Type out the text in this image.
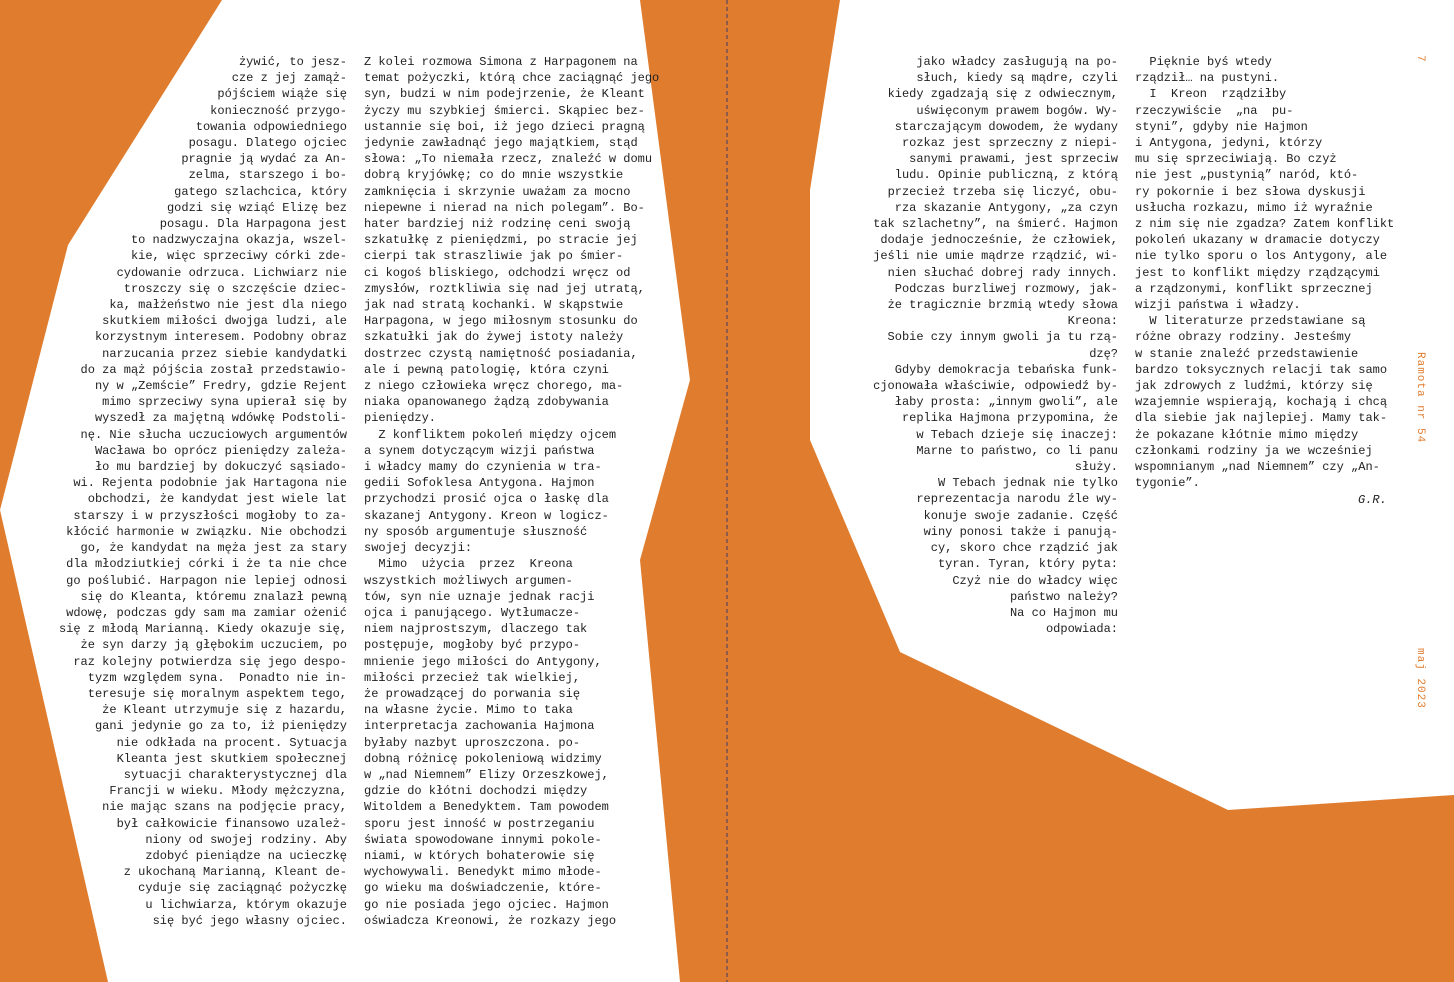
żywić, to jesz-
cze z jej zamąż-
pójściem wiąże się
konieczność przygo-
towania odpowiedniego
posagu. Dlatego ojciec
pragnie ją wydać za An-
zelma, starszego i bo-
gatego szlachcica, który
godzi się wziąć Elizę bez
posagu. Dla Harpagona jest
to nadzwyczajna okazja, wszel-
kie, więc sprzeciwy córki zde-
cydowanie odrzuca. Lichwiarz nie
troszczy się o szczęście dziec-
ka, małżeństwo nie jest dla niego
skutkiem miłości dwojga ludzi, ale
korzystnym interesem. Podobny obraz
narzucania przez siebie kandydatki
do za mąż pójścia został przedstawio-
ny w „Zemście” Fredry, gdzie Rejent
mimo sprzeciwy syna upierał się by
wyszedł za majętną wdówkę Podstoli-
nę. Nie słucha uczuciowych argumentów
Wacława bo oprócz pieniędzy zależa-
ło mu bardziej by dokuczyć sąsiado-
wi. Rejenta podobnie jak Hartagona nie
obchodzi, że kandydat jest wiele lat
starszy i w przyszłości mogłoby to za-
kłócić harmonie w związku. Nie obchodzi
go, że kandydat na męża jest za stary
dla młodziutkiej córki i że ta nie chce
go poślubić. Harpagon nie lepiej odnosi
się do Kleanta, któremu znalazł pewną
wdowę, podczas gdy sam ma zamiar ożenić
się z młodą Marianną. Kiedy okazuje się,
że syn darzy ją głębokim uczuciem, po
raz kolejny potwierdza się jego despo-
tyzm względem syna.  Ponadto nie in-
teresuje się moralnym aspektem tego,
że Kleant utrzymuje się z hazardu,
gani jedynie go za to, iż pieniędzy
nie odkłada na procent. Sytuacja
Kleanta jest skutkiem społecznej
sytuacji charakterystycznej dla
Francji w wieku. Młody mężczyzna,
nie mając szans na podjęcie pracy,
był całkowicie finansowo uzależ-
niony od swojej rodziny. Aby
zdobyć pieniądze na ucieczkę
z ukochaną Marianną, Kleant de-
cyduje się zaciągnąć pożyczkę
u lichwiarza, którym okazuje
się być jego własny ojciec.
Z kolei rozmowa Simona z Harpagonem na
temat pożyczki, którą chce zaciągnąć jego
syn, budzi w nim podejrzenie, że Kleant
życzy mu szybkiej śmierci. Skąpiec bez-
ustannie się boi, iż jego dzieci pragną
jedynie zawładnąć jego majątkiem, stąd
słowa: „To niemała rzecz, znaleźć w domu
dobrą kryjówkę; co do mnie wszystkie
zamknięcia i skrzynie uważam za mocno
niepewne i nierad na nich polegam”. Bo-
hater bardziej niż rodzinę ceni swoją
szkatułkę z pieniędzmi, po stracie jej
cierpi tak straszliwie jak po śmier-
ci kogoś bliskiego, odchodzi wręcz od
zmysłów, roztkliwia się nad jej utratą,
jak nad stratą kochanki. W skąpstwie
Harpagona, w jego miłosnym stosunku do
szkatułki jak do żywej istoty należy
dostrzec czystą namiętność posiadania,
ale i pewną patologię, która czyni
z niego człowieka wręcz chorego, ma-
niaka opanowanego żądzą zdobywania
pieniędzy.
Z konfliktem pokoleń między ojcem
a synem dotyczącym wizji państwa
i władcy mamy do czynienia w tra-
gedii Sofoklesa Antygona. Hajmon
przychodzi prosić ojca o łaskę dla
skazanej Antygony. Kreon w logicz-
ny sposób argumentuje słuszność
swojej decyzji:
Mimo  użycia  przez  Kreona
wszystkich możliwych argumen-
tów, syn nie uznaje jednak racji
ojca i panującego. Wytłumacze-
niem najprostszym, dlaczego tak
postępuje, mogłoby być przypo-
mnienie jego miłości do Antygony,
miłości przecież tak wielkiej,
że prowadzącej do porwania się
na własne życie. Mimo to taka
interpretacja zachowania Hajmona
byłaby nazbyt uproszczona. po-
dobną różnicę pokoleniową widzimy
w „nad Niemnem” Elizy Orzeszkowej,
gdzie do kłótni dochodzi między
Witoldem a Benedyktem. Tam powodem
sporu jest inność w postrzeganiu
świata spowodowane innymi pokole-
niami, w których bohaterowie się
wychowywali. Benedykt mimo młode-
go wieku ma doświadczenie, które-
go nie posiada jego ojciec. Hajmon
oświadcza Kreonowi, że rozkazy jego
6	jako władcy zasługują na po-
słuch, kiedy są mądre, czyli
kiedy zgadzają się z odwiecznym,
uświęconym prawem bogów. Wy-
starczającym dowodem, że wydany
rozkaz jest sprzeczny z niepi-
sanymi prawami, jest sprzeciw
ludu. Opinie publiczną, z którą
przecież trzeba się liczyć, obu-
rza skazanie Antygony, „za czyn
tak szlachetny”, na śmierć. Hajmon
dodaje jednocześnie, że człowiek,
jeśli nie umie mądrze rządzić, wi-
nien słuchać dobrej rady innych.
Podczas burzliwej rozmowy, jak-
że tragicznie brzmią wtedy słowa
Kreona:
Sobie czy innym gwoli ja tu rzą-
dzę?
Gdyby demokracja tebańska funk-
cjonowała właściwie, odpowiedź by-
łaby prosta: „innym gwoli”, ale
replika Hajmona przypomina, że
w Tebach dzieje się inaczej:
Marne to państwo, co li panu
służy.
W Tebach jednak nie tylko
reprezentacja narodu źle wy-
konuje swoje zadanie. Część
winy ponosi także i panują-
cy, skoro chce rządzić jak
tyran. Tyran, który pyta:
Czyż nie do władcy więc
państwo należy?
Na co Hajmon mu
odpowiada:
Pięknie byś wtedy
rządził… na pustyni.
I  Kreon  rządziłby
rzeczywiście  „na  pu-
styni”, gdyby nie Hajmon
i Antygona, jedyni, którzy
mu się sprzeciwiają. Bo czyż
nie jest „pustynią” naród, któ-
ry pokornie i bez słowa dyskusji
usłucha rozkazu, mimo iż wyraźnie
z nim się nie zgadza? Zatem konflikt
pokoleń ukazany w dramacie dotyczy
nie tylko sporu o los Antygony, ale
jest to konflikt między rządzącymi
a rządzonymi, konflikt sprzecznej
wizji państwa i władzy.
W literaturze przedstawiane są
różne obrazy rodziny. Jesteśmy
w stanie znaleźć przedstawienie
bardzo toksycznych relacji tak samo
jak zdrowych z ludźmi, którzy się
wzajemnie wspierają, kochają i chcą
dla siebie jak najlepiej. Mamy tak-
że pokazane kłótnie mimo między
członkami rodziny ja we wcześniej
wspomnianym „nad Niemnem” czy „An-
tygonie”.
G.R.
7
Ramota nr 54
maj 2023
